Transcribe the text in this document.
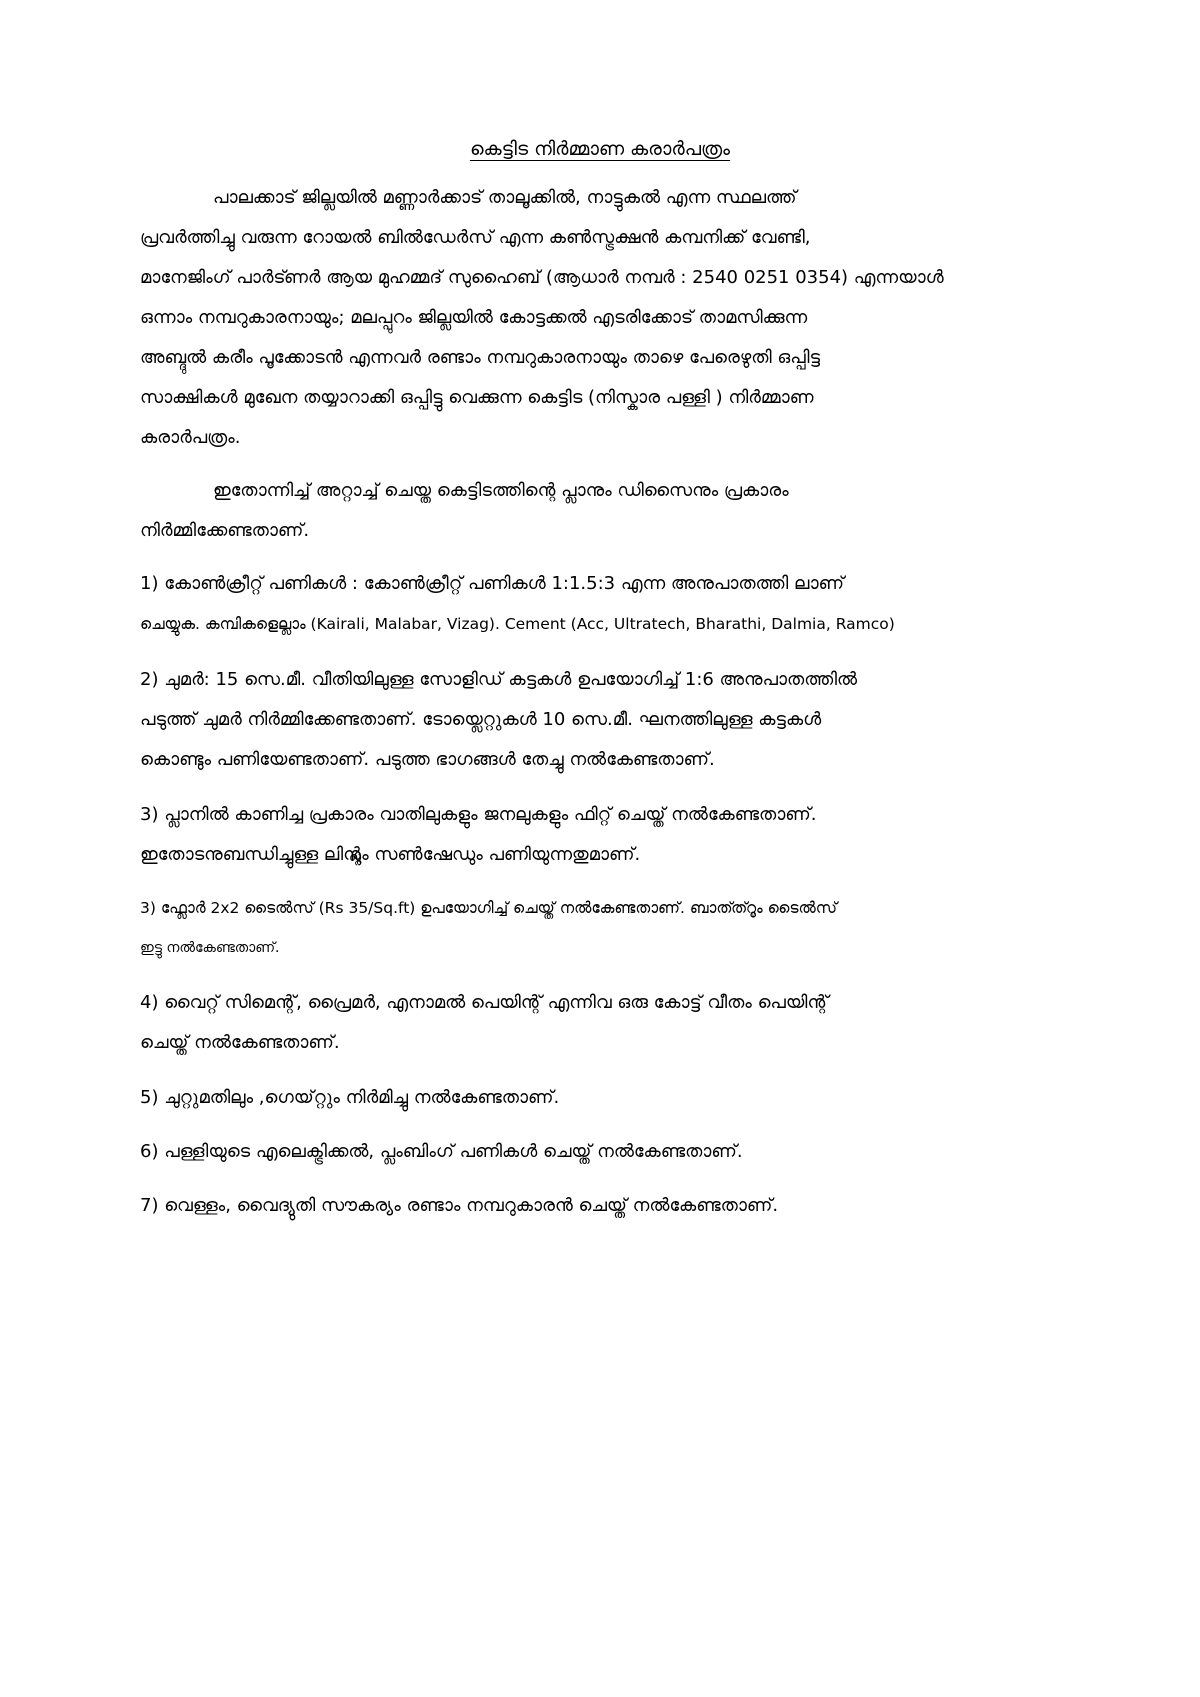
കെട്ടിട നിർമ്മാണ കരാർപത്രം
പാലക്കാട് ജില്ലയിൽ മണ്ണാർക്കാട് താലൂക്കിൽ, നാട്ടുകൽ എന്ന സ്ഥലത്ത്
പ്രവർത്തിച്ചു വരുന്ന റോയൽ ബിൽഡേർസ് എന്ന കൺസ്ട്രക്ഷൻ കമ്പനിക്ക് വേണ്ടി,
മാനേജിംഗ് പാർട്ണർ ആയ മുഹമ്മദ് സുഹൈബ് (ആധാർ നമ്പർ : 2540 0251 0354) എന്നയാൾ
ഒന്നാം നമ്പറുകാരനായും; മലപ്പുറം ജില്ലയിൽ കോട്ടക്കൽ എടരിക്കോട് താമസിക്കുന്ന
അബ്ദുൽ കരീം പൂക്കോടൻ എന്നവർ രണ്ടാം നമ്പറുകാരനായും താഴെ പേരെഴുതി ഒപ്പിട്ട
സാക്ഷികൾ മുഖേന തയ്യാറാക്കി ഒപ്പിട്ടു വെക്കുന്ന കെട്ടിട (നിസ്കാര പള്ളി ) നിർമ്മാണ
കരാർപത്രം.
ഇതോന്നിച്ച് അറ്റാച്ച് ചെയ്ത കെട്ടിടത്തിന്റെ പ്ലാനും ഡിസൈനും പ്രകാരം
നിർമ്മിക്കേണ്ടതാണ്.
1) കോൺക്രീറ്റ് പണികൾ : കോൺക്രീറ്റ് പണികൾ 1:1.5:3 എന്ന അനുപാതത്തി ലാണ്
ചെയ്യുക. കമ്പികളെല്ലാം (Kairali, Malabar, Vizag). Cement (Acc, Ultratech, Bharathi, Dalmia, Ramco)
2) ചുമർ: 15 സെ.മീ. വീതിയിലുള്ള സോളിഡ് കട്ടകൾ ഉപയോഗിച്ച് 1:6 അനുപാതത്തിൽ
പടുത്ത് ചുമർ നിർമ്മിക്കേണ്ടതാണ്. ടോയ്ലെറ്റുകൾ 10 സെ.മീ. ഘനത്തിലുള്ള കട്ടകൾ
കൊണ്ടും പണിയേണ്ടതാണ്. പടുത്ത ഭാഗങ്ങൾ തേച്ചു നൽകേണ്ടതാണ്.
3) പ്ലാനിൽ കാണിച്ച പ്രകാരം വാതിലുകളും ജനലുകളും ഫിറ്റ് ചെയ്ത് നൽകേണ്ടതാണ്.
ഇതോടനുബന്ധിച്ചുള്ള ലിന്റ്ലും സൺഷേഡും പണിയുന്നതുമാണ്.
3) ഫ്ലോർ 2x2 ടൈൽസ് (Rs 35/Sq.ft) ഉപയോഗിച്ച് ചെയ്ത് നൽകേണ്ടതാണ്. ബാത്ത്റൂം ടൈൽസ്
ഇട്ടു നൽകേണ്ടതാണ്.
4) വൈറ്റ് സിമെന്റ്, പ്രൈമർ, എനാമൽ പെയിന്റ് എന്നിവ ഒരു കോട്ട് വീതം പെയിന്റ്
ചെയ്ത് നൽകേണ്ടതാണ്.
5) ചുറ്റുമതിലും ,ഗെയ്റ്റും നിർമിച്ചു നൽകേണ്ടതാണ്.
6) പള്ളിയുടെ എലെക്ട്രിക്കൽ, പ്ലംബിംഗ് പണികൾ ചെയ്ത് നൽകേണ്ടതാണ്.
7) വെള്ളം, വൈദ്യുതി സൗകര്യം രണ്ടാം നമ്പറുകാരൻ ചെയ്ത് നൽകേണ്ടതാണ്.
